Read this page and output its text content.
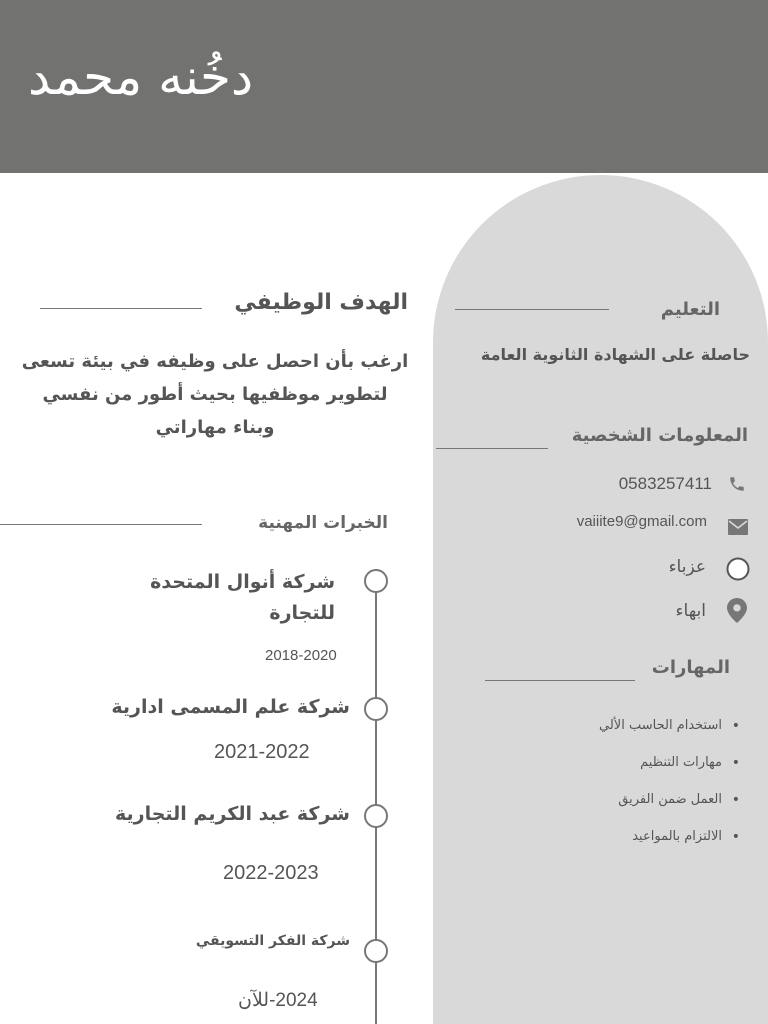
دخُنه محمد
الهدف الوظيفي
ارغب بأن احصل على وظيفه في بيئة تسعى لتطوير موظفيها بحيث أطور من نفسي وبناء مهاراتي
التعليم
حاصلة على الشهادة الثانوية العامة
المعلومات الشخصية
0583257411
vaiiite9@gmail.com
عزباء
ابهاء
المهارات
• استخدام الحاسب الألي
• مهارات التنظيم
• العمل ضمن الفريق
• الالتزام بالمواعيد
الخبرات المهنية
شركة أنوال المتحدة للتجارة
2018-2020
شركة علم المسمى ادارية
2021-2022
شركة عبد الكريم التجارية
2022-2023
شركة الفكر التسويقي
2024-للآن
